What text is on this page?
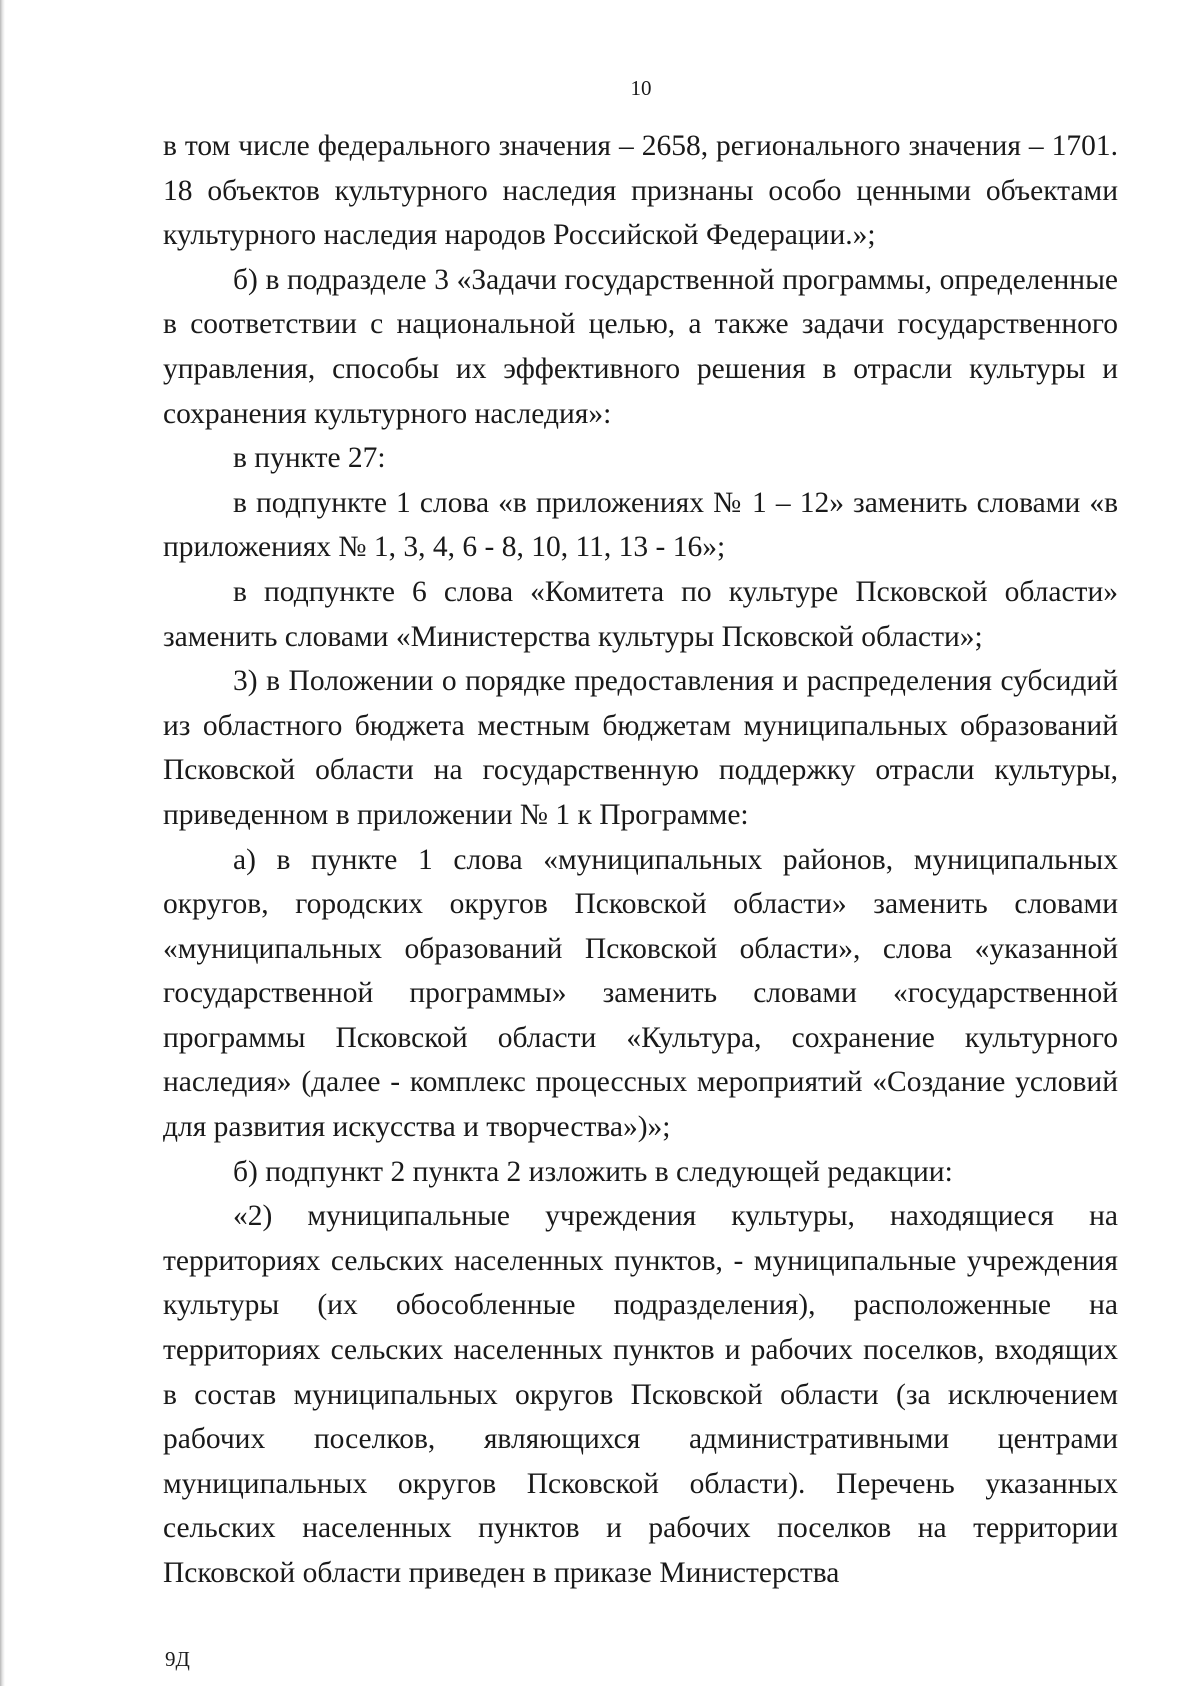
10

в том числе федерального значения – 2658, регионального значения – 1701. 18 объектов культурного наследия признаны особо ценными объектами культурного наследия народов Российской Федерации.»;

б) в подразделе 3 «Задачи государственной программы, определенные в соответствии с национальной целью, а также задачи государственного управления, способы их эффективного решения в отрасли культуры и сохранения культурного наследия»:

в пункте 27:

в подпункте 1 слова «в приложениях № 1 – 12» заменить словами «в приложениях № 1, 3, 4, 6 - 8, 10, 11, 13 - 16»;

в подпункте 6 слова «Комитета по культуре Псковской области» заменить словами «Министерства культуры Псковской области»;

3) в Положении о порядке предоставления и распределения субсидий из областного бюджета местным бюджетам муниципальных образований Псковской области на государственную поддержку отрасли культуры, приведенном в приложении № 1 к Программе:

а) в пункте 1 слова «муниципальных районов, муниципальных округов, городских округов Псковской области» заменить словами «муниципальных образований Псковской области», слова «указанной государственной программы» заменить словами «государственной программы Псковской области «Культура, сохранение культурного наследия» (далее - комплекс процессных мероприятий «Создание условий для развития искусства и творчества»)»;

б) подпункт 2 пункта 2 изложить в следующей редакции:

«2) муниципальные учреждения культуры, находящиеся на территориях сельских населенных пунктов, - муниципальные учреждения культуры (их обособленные подразделения), расположенные на территориях сельских населенных пунктов и рабочих поселков, входящих в состав муниципальных округов Псковской области (за исключением рабочих поселков, являющихся административными центрами муниципальных округов Псковской области). Перечень указанных сельских населенных пунктов и рабочих поселков на территории Псковской области приведен в приказе Министерства

9Д
